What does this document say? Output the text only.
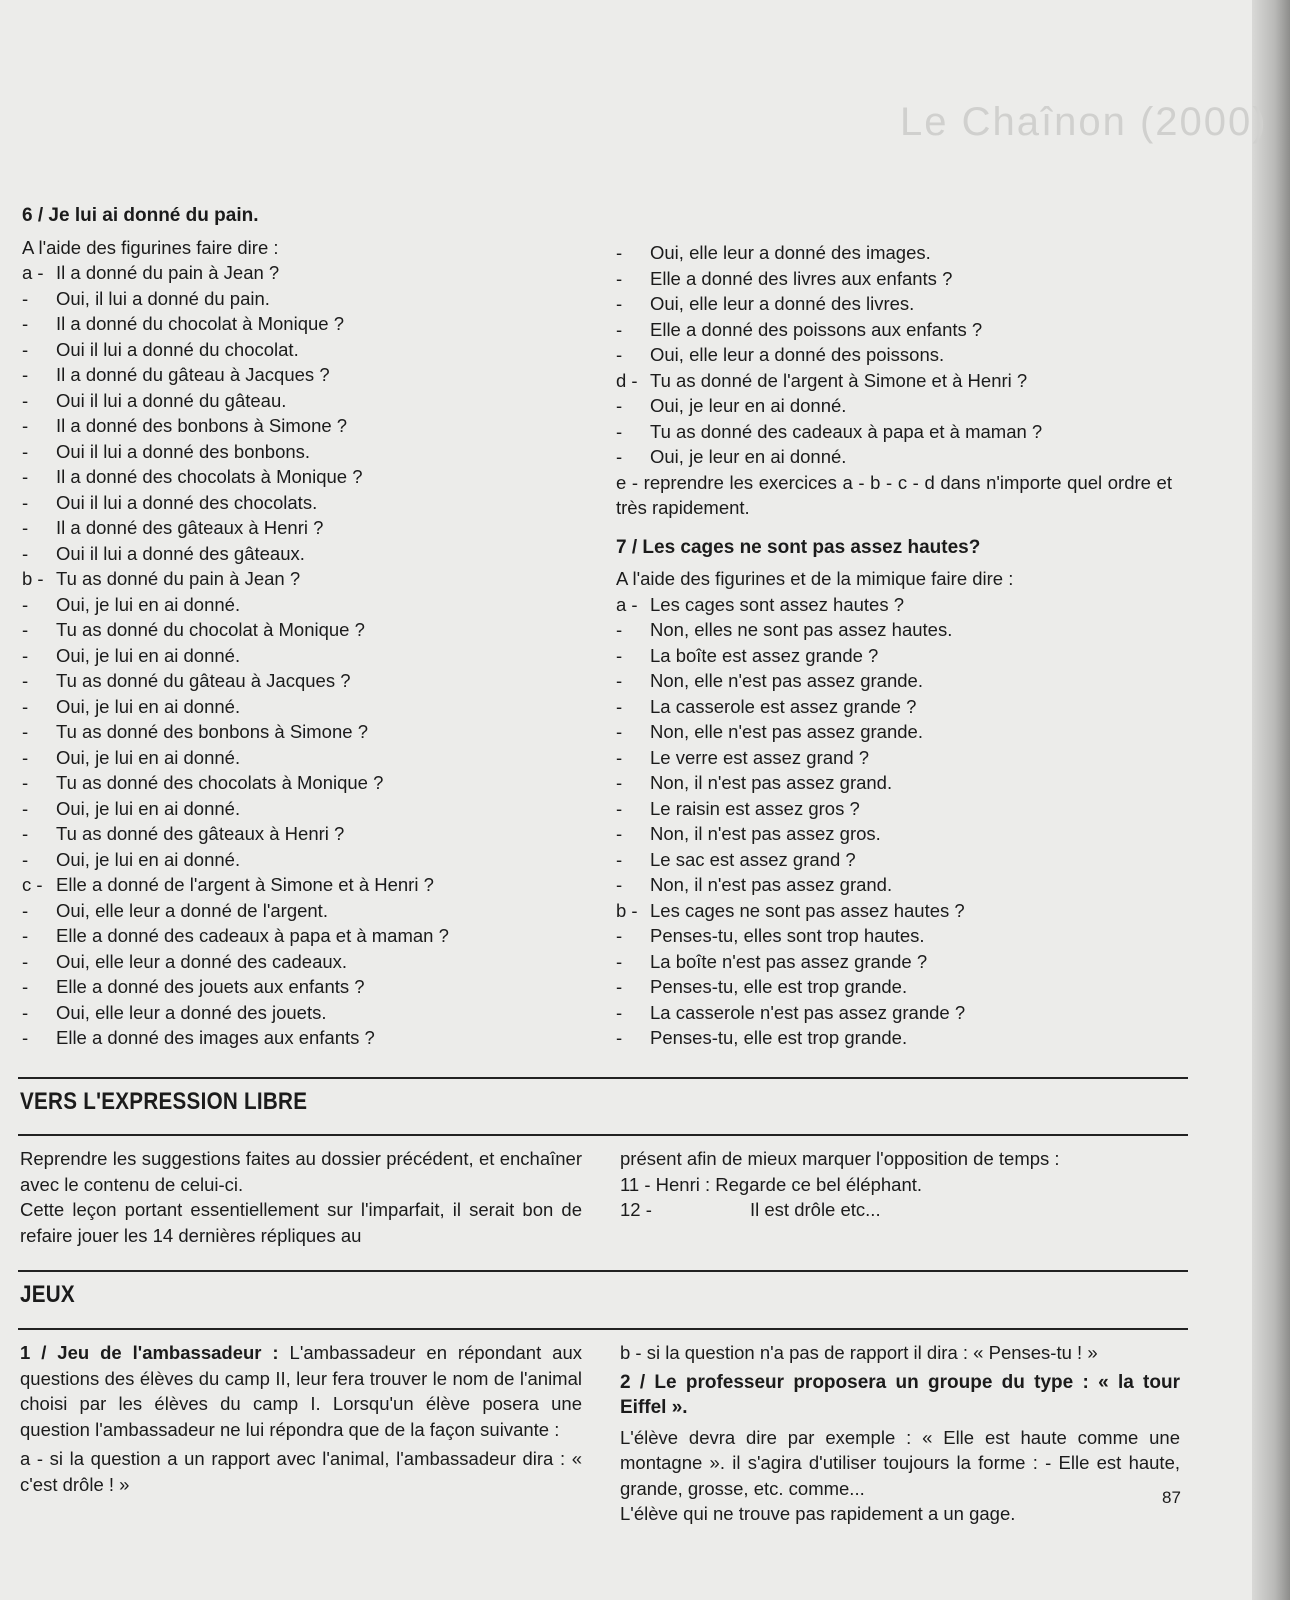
Le Chaînon (2000)
6 / Je lui ai donné du pain.
A l'aide des figurines faire dire :
a - Il a donné du pain à Jean ?
- Oui, il lui a donné du pain.
- Il a donné du chocolat à Monique ?
- Oui il lui a donné du chocolat.
- Il a donné du gâteau à Jacques ?
- Oui il lui a donné du gâteau.
- Il a donné des bonbons à Simone ?
- Oui il lui a donné des bonbons.
- Il a donné des chocolats à Monique ?
- Oui il lui a donné des chocolats.
- Il a donné des gâteaux à Henri ?
- Oui il lui a donné des gâteaux.
b - Tu as donné du pain à Jean ?
- Oui, je lui en ai donné.
- Tu as donné du chocolat à Monique ?
- Oui, je lui en ai donné.
- Tu as donné du gâteau à Jacques ?
- Oui, je lui en ai donné.
- Tu as donné des bonbons à Simone ?
- Oui, je lui en ai donné.
- Tu as donné des chocolats à Monique ?
- Oui, je lui en ai donné.
- Tu as donné des gâteaux à Henri ?
- Oui, je lui en ai donné.
c - Elle a donné de l'argent à Simone et à Henri ?
- Oui, elle leur a donné de l'argent.
- Elle a donné des cadeaux à papa et à maman ?
- Oui, elle leur a donné des cadeaux.
- Elle a donné des jouets aux enfants ?
- Oui, elle leur a donné des jouets.
- Elle a donné des images aux enfants ?
- Oui, elle leur a donné des images.
- Elle a donné des livres aux enfants ?
- Oui, elle leur a donné des livres.
- Elle a donné des poissons aux enfants ?
- Oui, elle leur a donné des poissons.
d - Tu as donné de l'argent à Simone et à Henri ?
- Oui, je leur en ai donné.
- Tu as donné des cadeaux à papa et à maman ?
- Oui, je leur en ai donné.
e - reprendre les exercices a - b - c - d dans n'importe quel ordre et très rapidement.
7 / Les cages ne sont pas assez hautes?
A l'aide des figurines et de la mimique faire dire :
a - Les cages sont assez hautes ?
- Non, elles ne sont pas assez hautes.
- La boîte est assez grande ?
- Non, elle n'est pas assez grande.
- La casserole est assez grande ?
- Non, elle n'est pas assez grande.
- Le verre est assez grand ?
- Non, il n'est pas assez grand.
- Le raisin est assez gros ?
- Non, il n'est pas assez gros.
- Le sac est assez grand ?
- Non, il n'est pas assez grand.
b - Les cages ne sont pas assez hautes ?
- Penses-tu, elles sont trop hautes.
- La boîte n'est pas assez grande ?
- Penses-tu, elle est trop grande.
- La casserole n'est pas assez grande ?
- Penses-tu, elle est trop grande.
VERS L'EXPRESSION LIBRE
Reprendre les suggestions faites au dossier précédent, et enchaîner avec le contenu de celui-ci.
Cette leçon portant essentiellement sur l'imparfait, il serait bon de refaire jouer les 14 dernières répliques au
présent afin de mieux marquer l'opposition de temps :
11 - Henri : Regarde ce bel éléphant.
12 -	Il est drôle etc...
JEUX
1 / Jeu de l'ambassadeur : L'ambassadeur en répondant aux questions des élèves du camp II, leur fera trouver le nom de l'animal choisi par les élèves du camp I. Lorsqu'un élève posera une question l'ambassadeur ne lui répondra que de la façon suivante :
a - si la question a un rapport avec l'animal, l'ambassadeur dira : « c'est drôle ! »
b - si la question n'a pas de rapport il dira : « Penses-tu ! »
2 / Le professeur proposera un groupe du type : « la tour Eiffel ».
L'élève devra dire par exemple : « Elle est haute comme une montagne ». il s'agira d'utiliser toujours la forme : - Elle est haute, grande, grosse, etc. comme...
L'élève qui ne trouve pas rapidement a un gage.
87
